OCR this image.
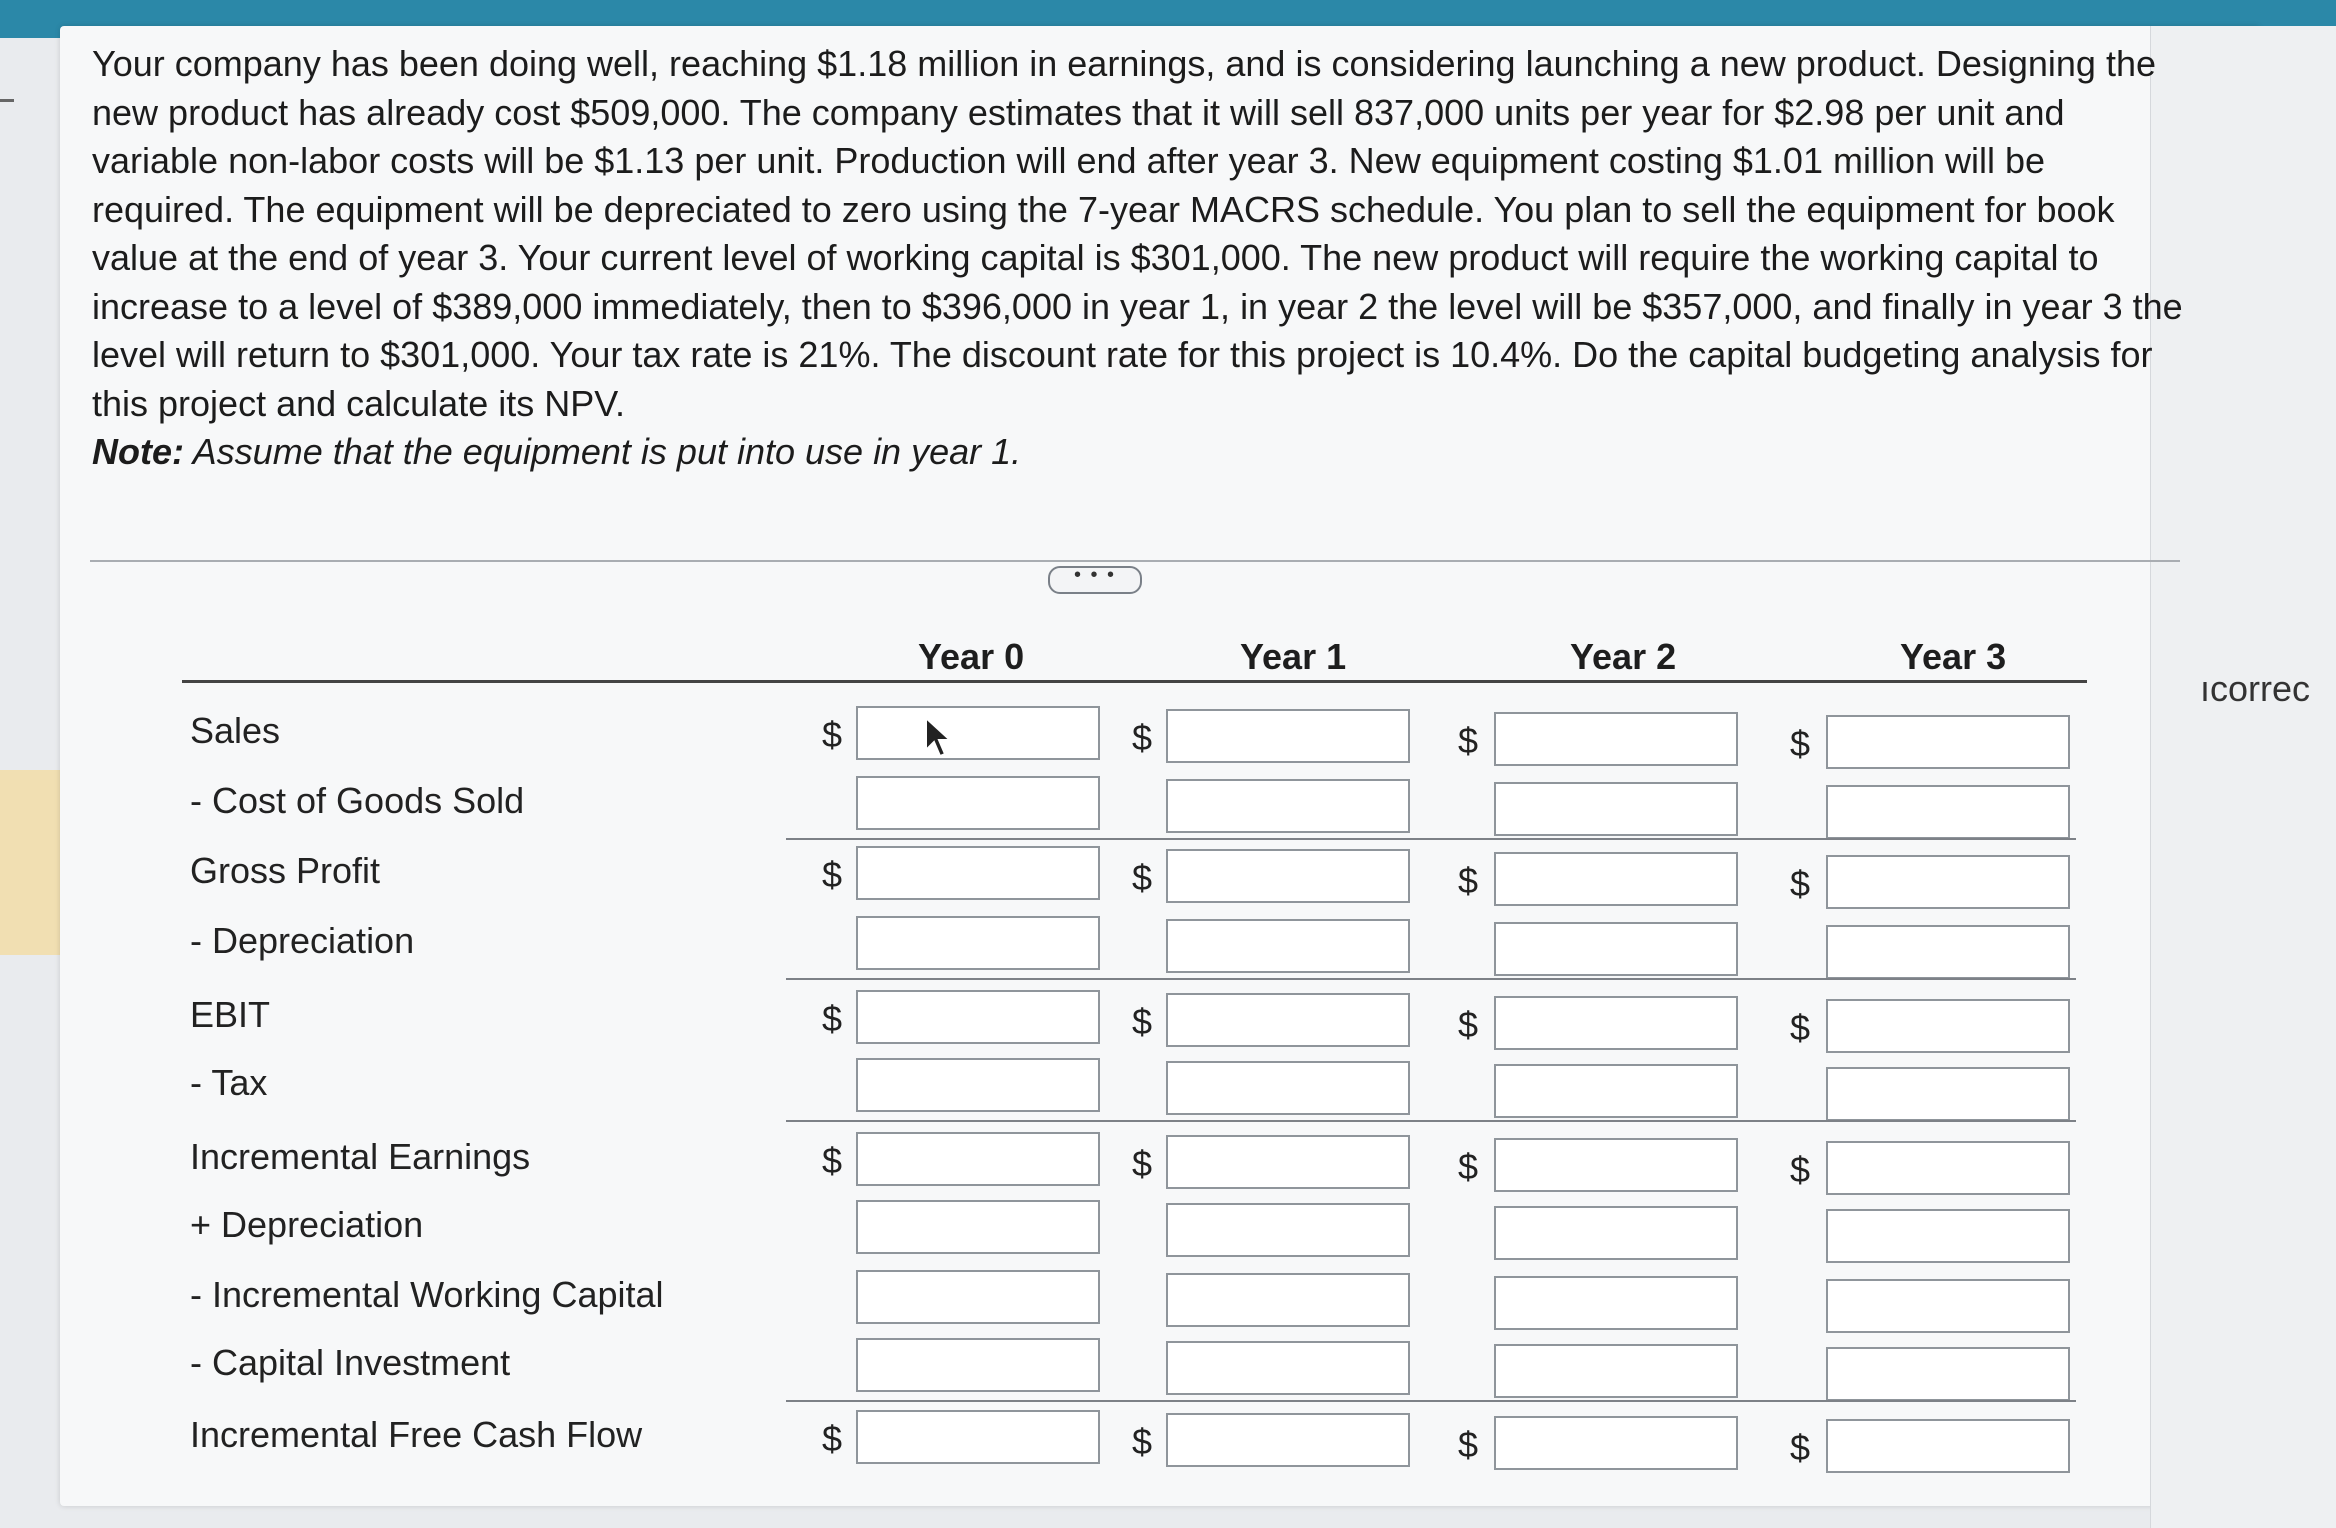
ıcorrec

Your company has been doing well, reaching $1.18 million in earnings, and is considering launching a new product. Designing the new product has already cost $509,000. The company estimates that it will sell 837,000 units per year for $2.98 per unit and variable non-labor costs will be $1.13 per unit. Production will end after year 3. New equipment costing $1.01 million will be required. The equipment will be depreciated to zero using the 7-year MACRS schedule. You plan to sell the equipment for book value at the end of year 3. Your current level of working capital is $301,000. The new product will require the working capital to increase to a level of $389,000 immediately, then to $396,000 in year 1, in year 2 the level will be $357,000, and finally in year 3 the level will return to $301,000. Your tax rate is 21%. The discount rate for this project is 10.4%. Do the capital budgeting analysis for this project and calculate its NPV.

Note: Assume that the equipment is put into use in year 1.

• • •
Year 0	Year 1	Year 2	Year 3
Sales	$	$	$	$
- Cost of Goods Sold
Gross Profit	$	$	$	$
- Depreciation
EBIT	$	$	$	$
- Tax
Incremental Earnings	$	$	$	$
+ Depreciation
- Incremental Working Capital
- Capital Investment
Incremental Free Cash Flow	$	$	$	$
